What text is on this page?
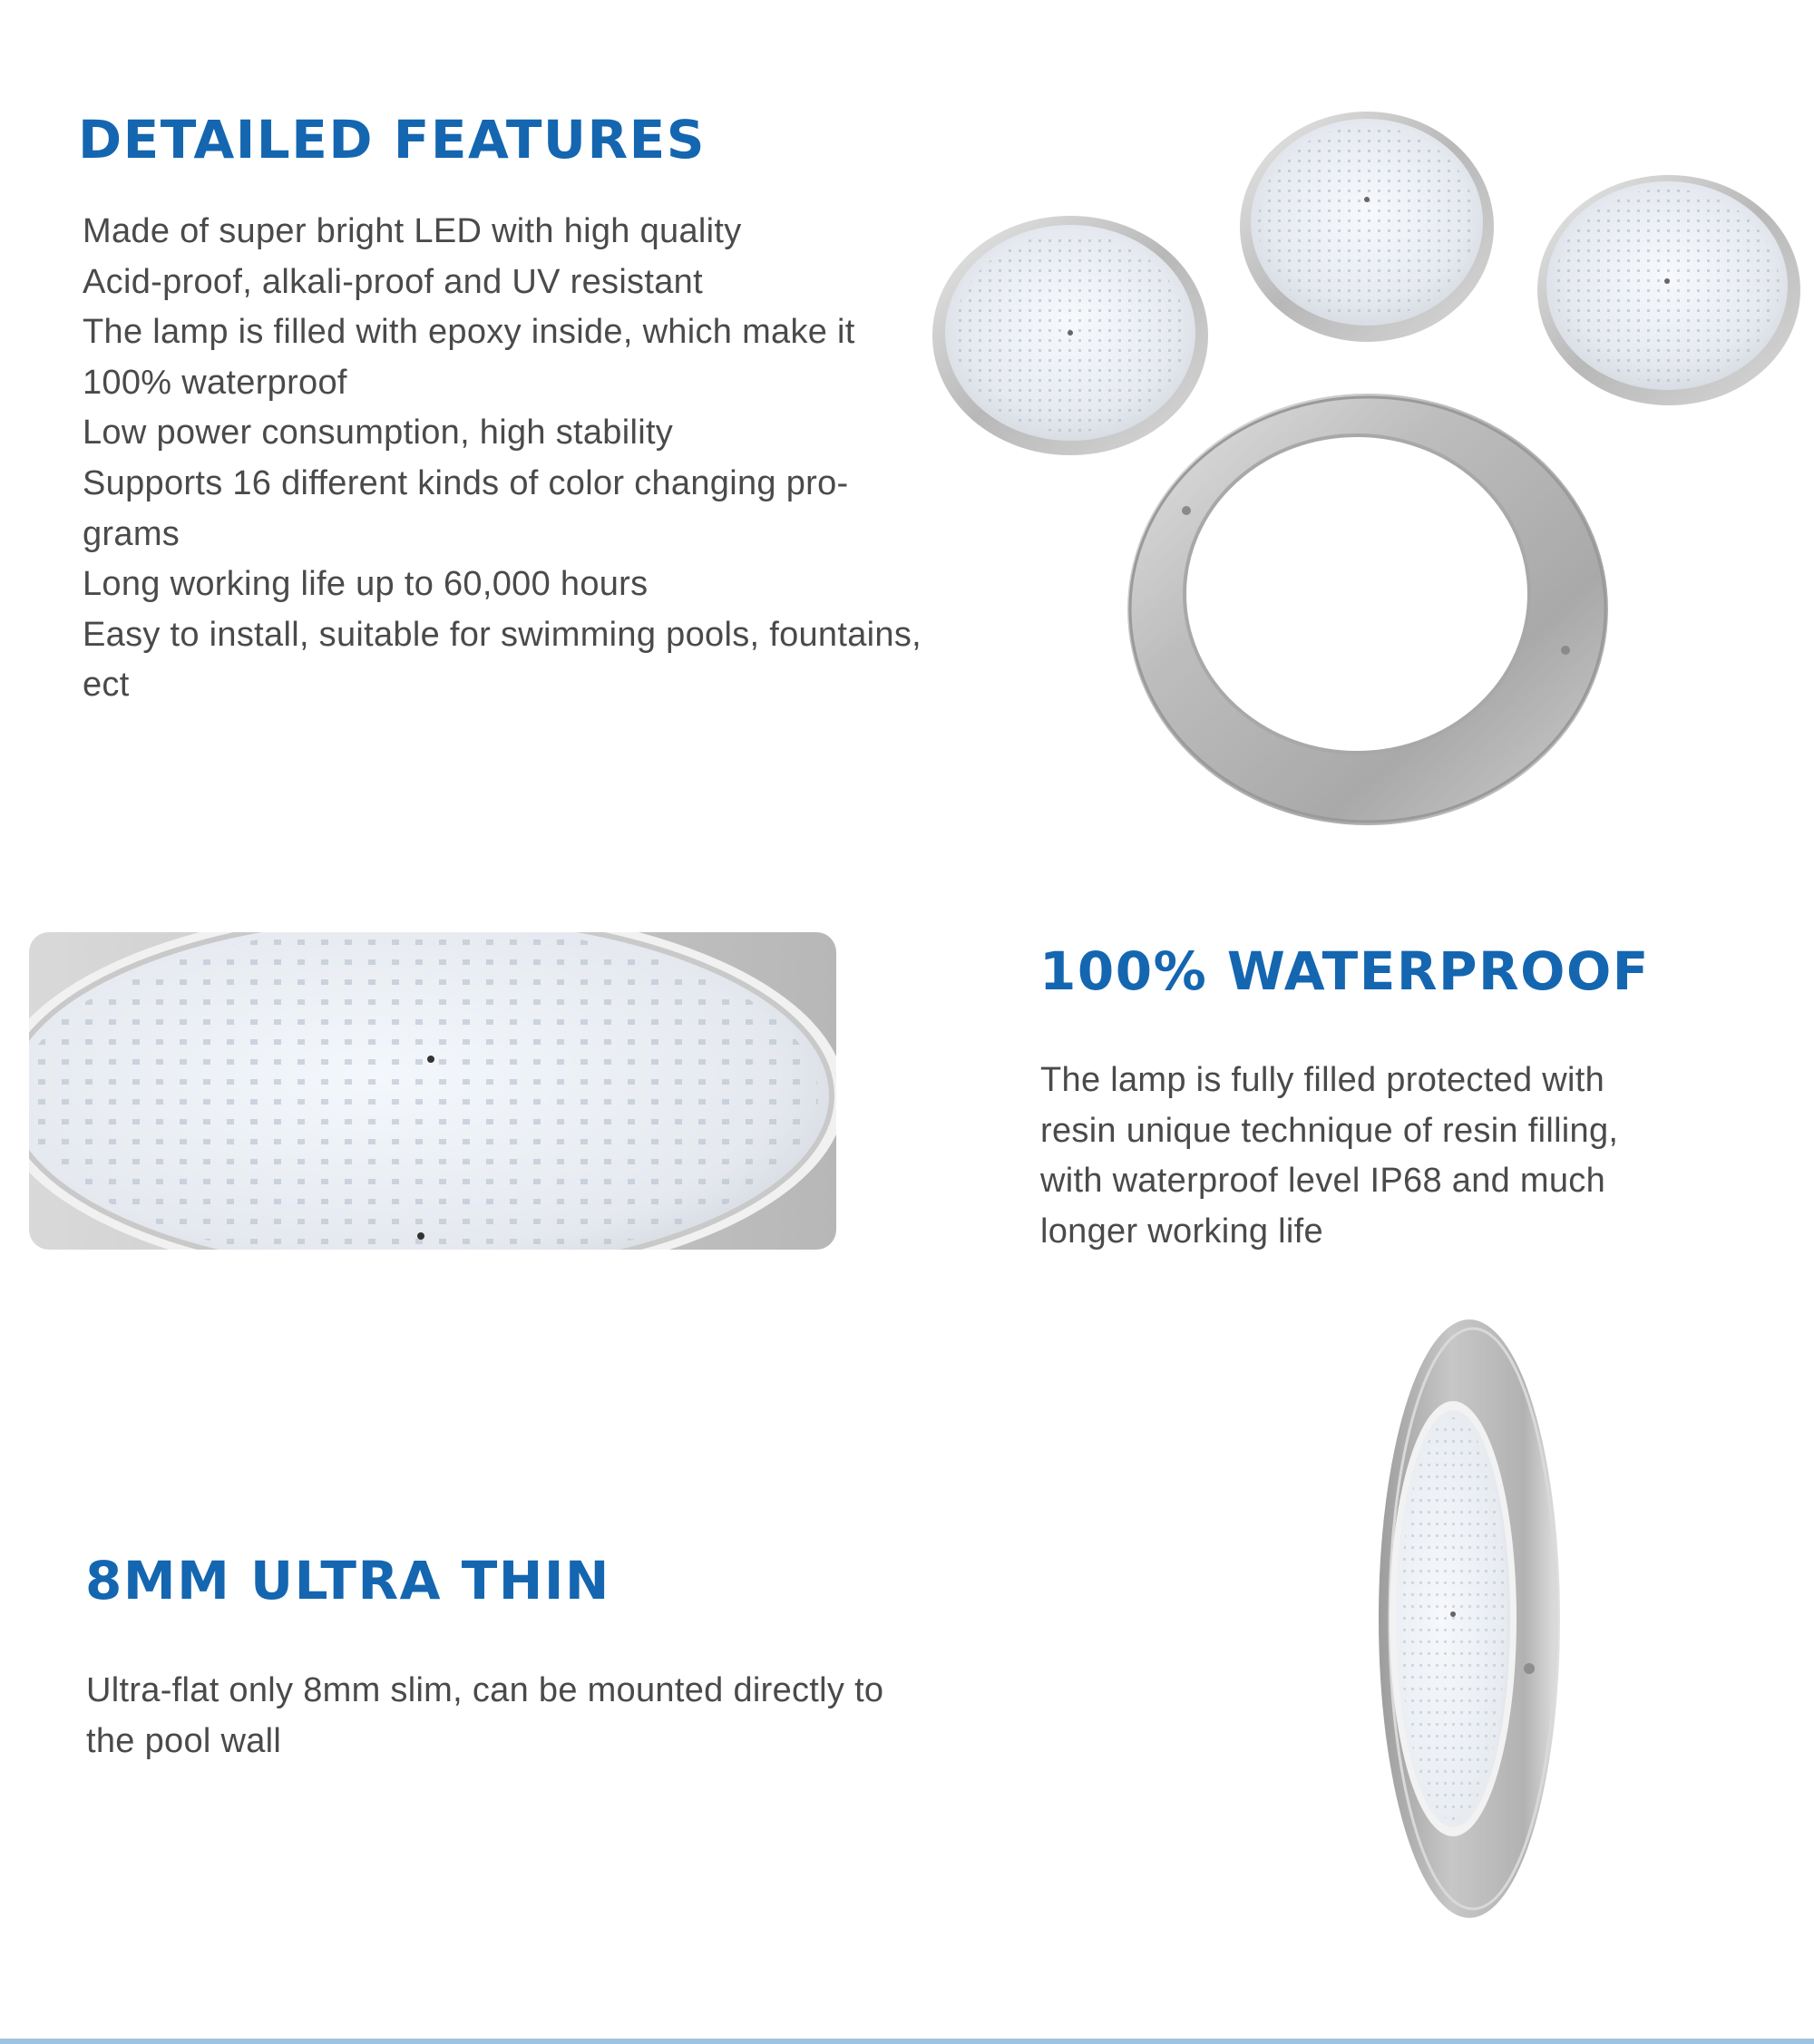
DETAILED FEATURES
Made of super bright LED with high quality
Acid-proof, alkali-proof and UV resistant
The lamp is filled with epoxy inside, which make it
100% waterproof
Low power consumption, high stability
Supports 16 different kinds of color changing pro-
grams
Long working life up to 60,000 hours
Easy to install, suitable for swimming pools, fountains,
ect
100% WATERPROOF
The lamp is fully filled protected with
resin unique technique of resin filling,
with waterproof level IP68 and much
longer working life
8MM ULTRA THIN
Ultra-flat only 8mm slim, can be mounted directly to
the pool wall
